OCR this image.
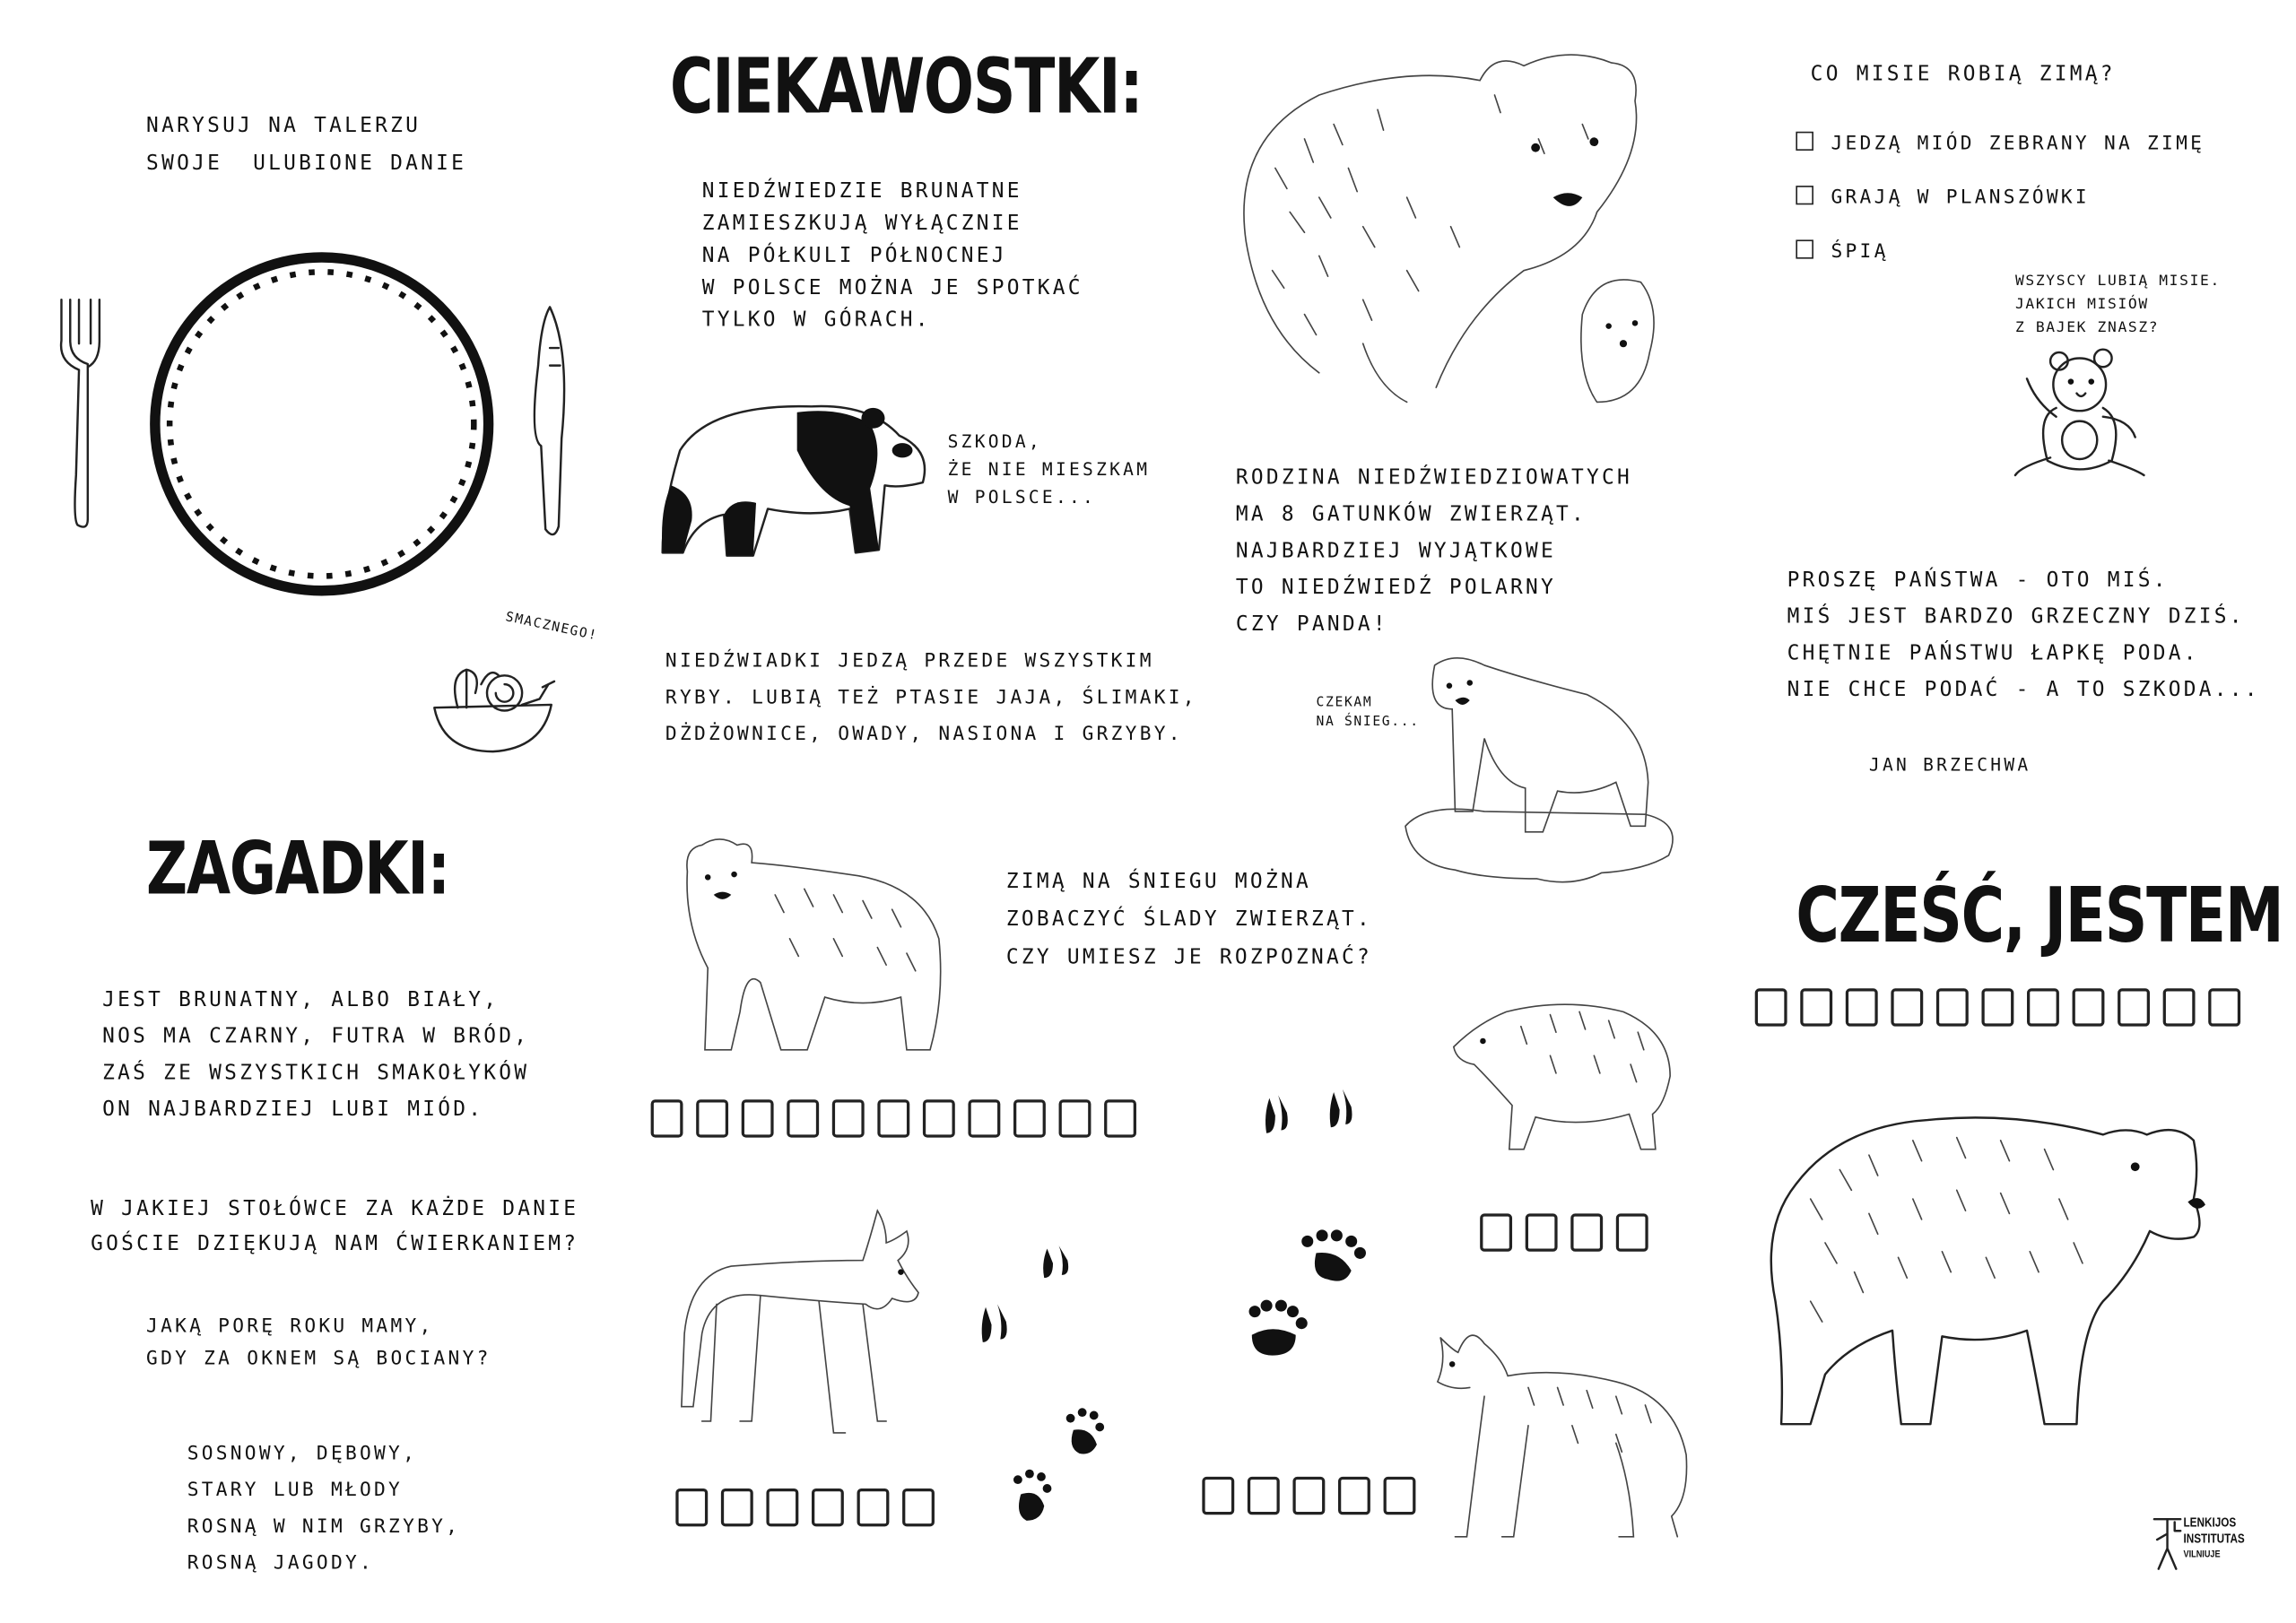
NARYSUJ NA TALERZU
SWOJE  ULUBIONE DANIE
SMACZNEGO!
CIEKAWOSTKI:
NIEDŹWIEDZIE BRUNATNE
ZAMIESZKUJĄ WYŁĄCZNIE
NA PÓŁKULI PÓŁNOCNEJ
W POLSCE MOŻNA JE SPOTKAĆ
TYLKO W GÓRACH.
SZKODA,
ŻE NIE MIESZKAM
W POLSCE...
NIEDŹWIADKI JEDZĄ PRZEDE WSZYSTKIM
RYBY. LUBIĄ TEŻ PTASIE JAJA, ŚLIMAKI,
DŻDŻOWNICE, OWADY, NASIONA I GRZYBY.
RODZINA NIEDŹWIEDZIOWATYCH
MA 8 GATUNKÓW ZWIERZĄT.
NAJBARDZIEJ WYJĄTKOWE
TO NIEDŹWIEDŹ POLARNY
CZY PANDA!
CZEKAM
NA ŚNIEG...
CO MISIE ROBIĄ ZIMĄ?
JEDZĄ MIÓD ZEBRANY NA ZIMĘ
GRAJĄ W PLANSZÓWKI
ŚPIĄ
WSZYSCY LUBIĄ MISIE.
JAKICH MISIÓW
Z BAJEK ZNASZ?
PROSZĘ PAŃSTWA - OTO MIŚ.
MIŚ JEST BARDZO GRZECZNY DZIŚ.
CHĘTNIE PAŃSTWU ŁAPKĘ PODA.
NIE CHCE PODAĆ - A TO SZKODA...
JAN BRZECHWA
ZAGADKI:
JEST BRUNATNY, ALBO BIAŁY,
NOS MA CZARNY, FUTRA W BRÓD,
ZAŚ ZE WSZYSTKICH SMAKOŁYKÓW
ON NAJBARDZIEJ LUBI MIÓD.
W JAKIEJ STOŁÓWCE ZA KAŻDE DANIE
GOŚCIE DZIĘKUJĄ NAM ĆWIERKANIEM?
JAKĄ PORĘ ROKU MAMY,
GDY ZA OKNEM SĄ BOCIANY?
SOSNOWY, DĘBOWY,
STARY LUB MŁODY
ROSNĄ W NIM GRZYBY,
ROSNĄ JAGODY.
ZIMĄ NA ŚNIEGU MOŻNA
ZOBACZYĆ ŚLADY ZWIERZĄT.
CZY UMIESZ JE ROZPOZNAĆ?	CZEŚĆ, JESTEM
LENKIJOS
INSTITUTAS
VILNIUJE
